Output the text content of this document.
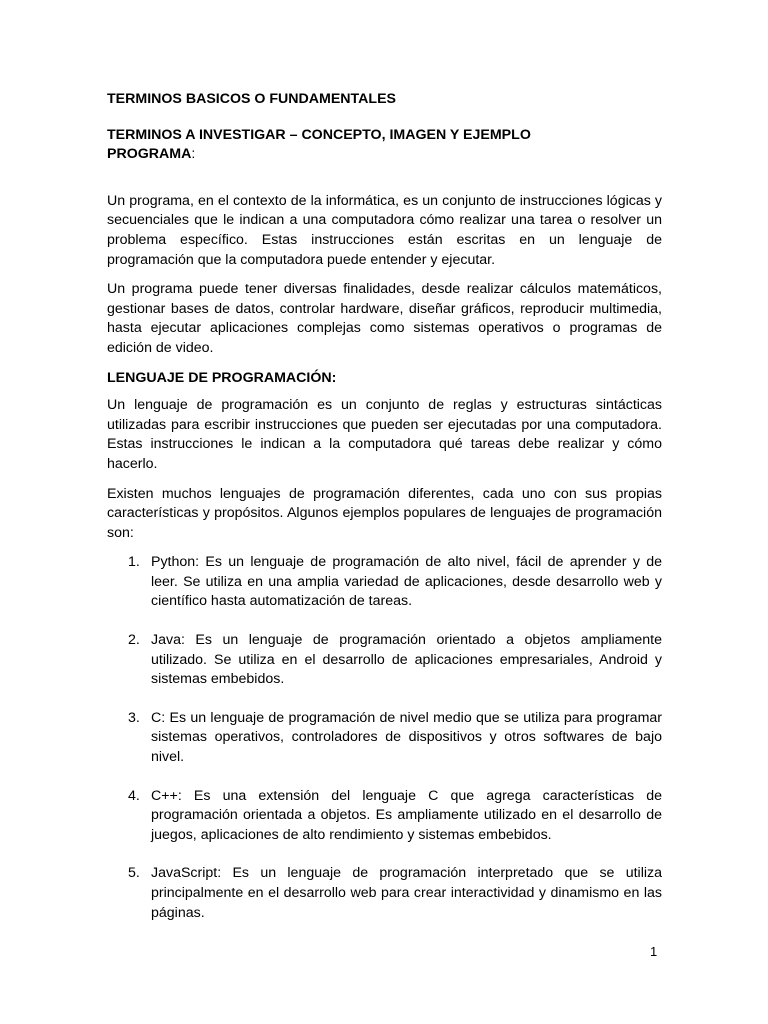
TERMINOS BASICOS O FUNDAMENTALES
TERMINOS A INVESTIGAR – CONCEPTO, IMAGEN Y EJEMPLO
PROGRAMA:

Un programa, en el contexto de la informática, es un conjunto de instrucciones lógicas y secuenciales que le indican a una computadora cómo realizar una tarea o resolver un problema específico. Estas instrucciones están escritas en un lenguaje de programación que la computadora puede entender y ejecutar.

Un programa puede tener diversas finalidades, desde realizar cálculos matemáticos, gestionar bases de datos, controlar hardware, diseñar gráficos, reproducir multimedia, hasta ejecutar aplicaciones complejas como sistemas operativos o programas de edición de video.

LENGUAJE DE PROGRAMACIÓN:

Un lenguaje de programación es un conjunto de reglas y estructuras sintácticas utilizadas para escribir instrucciones que pueden ser ejecutadas por una computadora. Estas instrucciones le indican a la computadora qué tareas debe realizar y cómo hacerlo.

Existen muchos lenguajes de programación diferentes, cada uno con sus propias características y propósitos. Algunos ejemplos populares de lenguajes de programación son:

1. Python: Es un lenguaje de programación de alto nivel, fácil de aprender y de leer. Se utiliza en una amplia variedad de aplicaciones, desde desarrollo web y científico hasta automatización de tareas.
2. Java: Es un lenguaje de programación orientado a objetos ampliamente utilizado. Se utiliza en el desarrollo de aplicaciones empresariales, Android y sistemas embebidos.
3. C: Es un lenguaje de programación de nivel medio que se utiliza para programar sistemas operativos, controladores de dispositivos y otros softwares de bajo nivel.
4. C++: Es una extensión del lenguaje C que agrega características de programación orientada a objetos. Es ampliamente utilizado en el desarrollo de juegos, aplicaciones de alto rendimiento y sistemas embebidos.
5. JavaScript: Es un lenguaje de programación interpretado que se utiliza principalmente en el desarrollo web para crear interactividad y dinamismo en las páginas.
1
